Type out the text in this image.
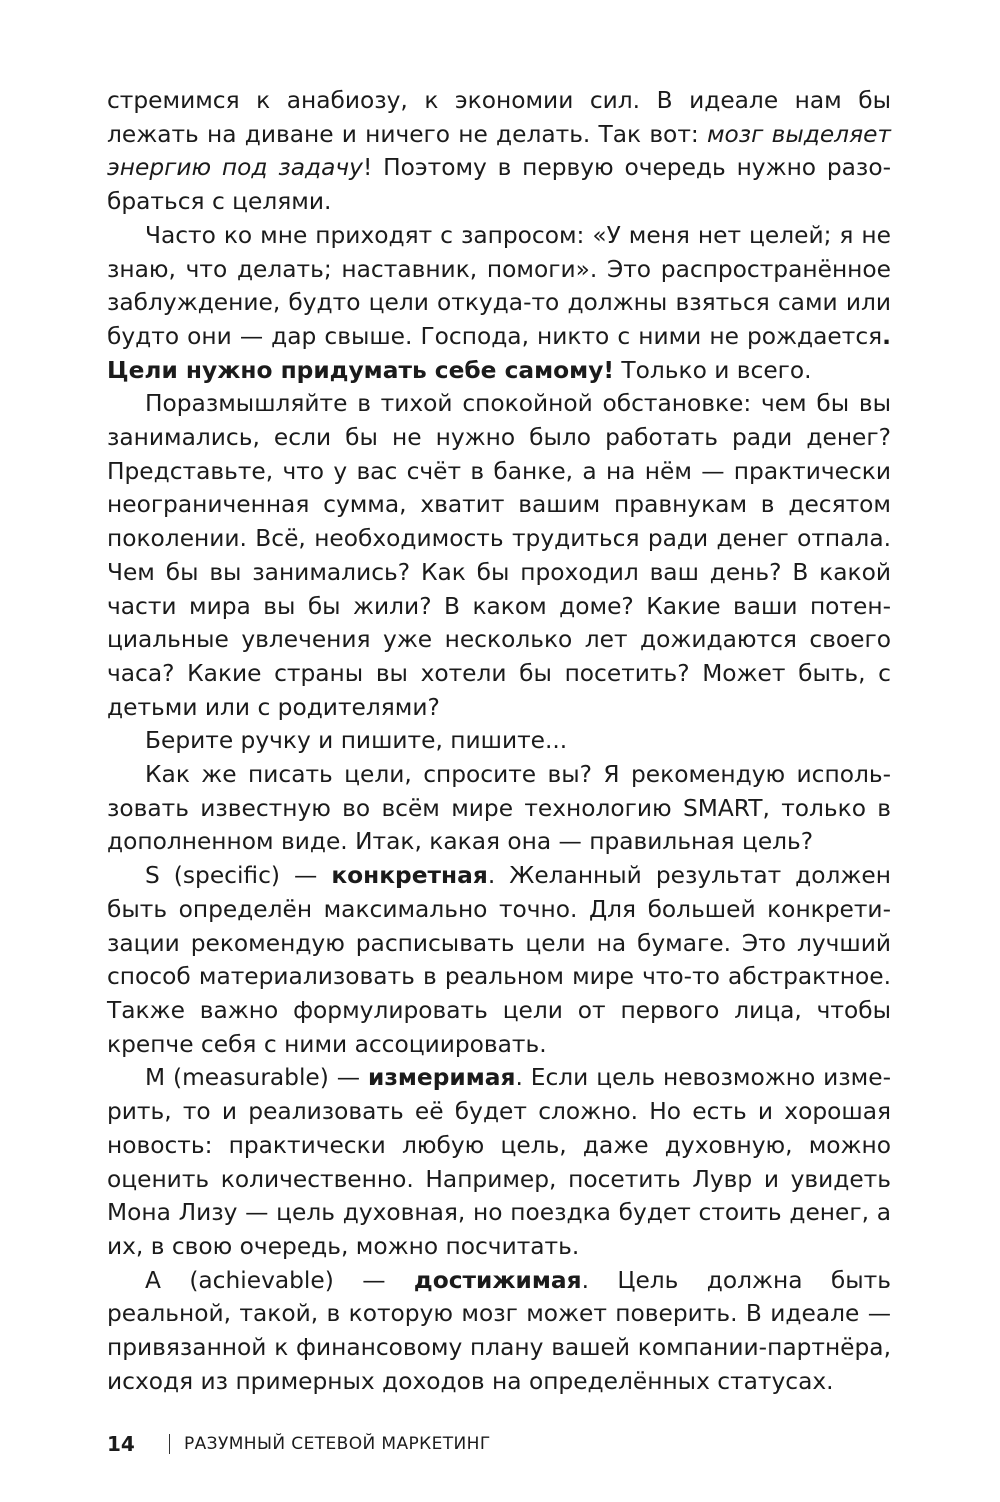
стремимся к анабиозу, к экономии сил. В идеале нам бы лежать на диване и ничего не делать. Так вот: мозг выделяет энергию под задачу! Поэтому в первую очередь нужно разобраться с целями.

Часто ко мне приходят с запросом: «У меня нет целей; я не знаю, что делать; наставник, помоги». Это распространённое заблуждение, будто цели откуда-то должны взяться сами или будто они — дар свыше. Господа, никто с ними не рождается. Цели нужно придумать себе самому! Только и всего.

Поразмышляйте в тихой спокойной обстановке: чем бы вы занимались, если бы не нужно было работать ради денег? Представьте, что у вас счёт в банке, а на нём — практически неограниченная сумма, хватит вашим правнукам в десятом поколении. Всё, необходимость трудиться ради денег отпала. Чем бы вы занимались? Как бы проходил ваш день? В какой части мира вы бы жили? В каком доме? Какие ваши потенциальные увлечения уже несколько лет дожидаются своего часа? Какие страны вы хотели бы посетить? Может быть, с детьми или с родителями?

Берите ручку и пишите, пишите...

Как же писать цели, спросите вы? Я рекомендую использовать известную во всём мире технологию SMART, только в дополненном виде. Итак, какая она — правильная цель?

S (specific) — конкретная. Желанный результат должен быть определён максимально точно. Для большей конкретизации рекомендую расписывать цели на бумаге. Это лучший способ материализовать в реальном мире что-то абстрактное. Также важно формулировать цели от первого лица, чтобы крепче себя с ними ассоциировать.

M (measurable) — измеримая. Если цель невозможно измерить, то и реализовать её будет сложно. Но есть и хорошая новость: практически любую цель, даже духовную, можно оценить количественно. Например, посетить Лувр и увидеть Мона Лизу — цель духовная, но поездка будет стоить денег, а их, в свою очередь, можно посчитать.

A (achievable) — достижимая. Цель должна быть реальной, такой, в которую мозг может поверить. В идеале — привязанной к финансовому плану вашей компании-партнёра, исходя из примерных доходов на определённых статусах.

14	РАЗУМНЫЙ СЕТЕВОЙ МАРКЕТИНГ
